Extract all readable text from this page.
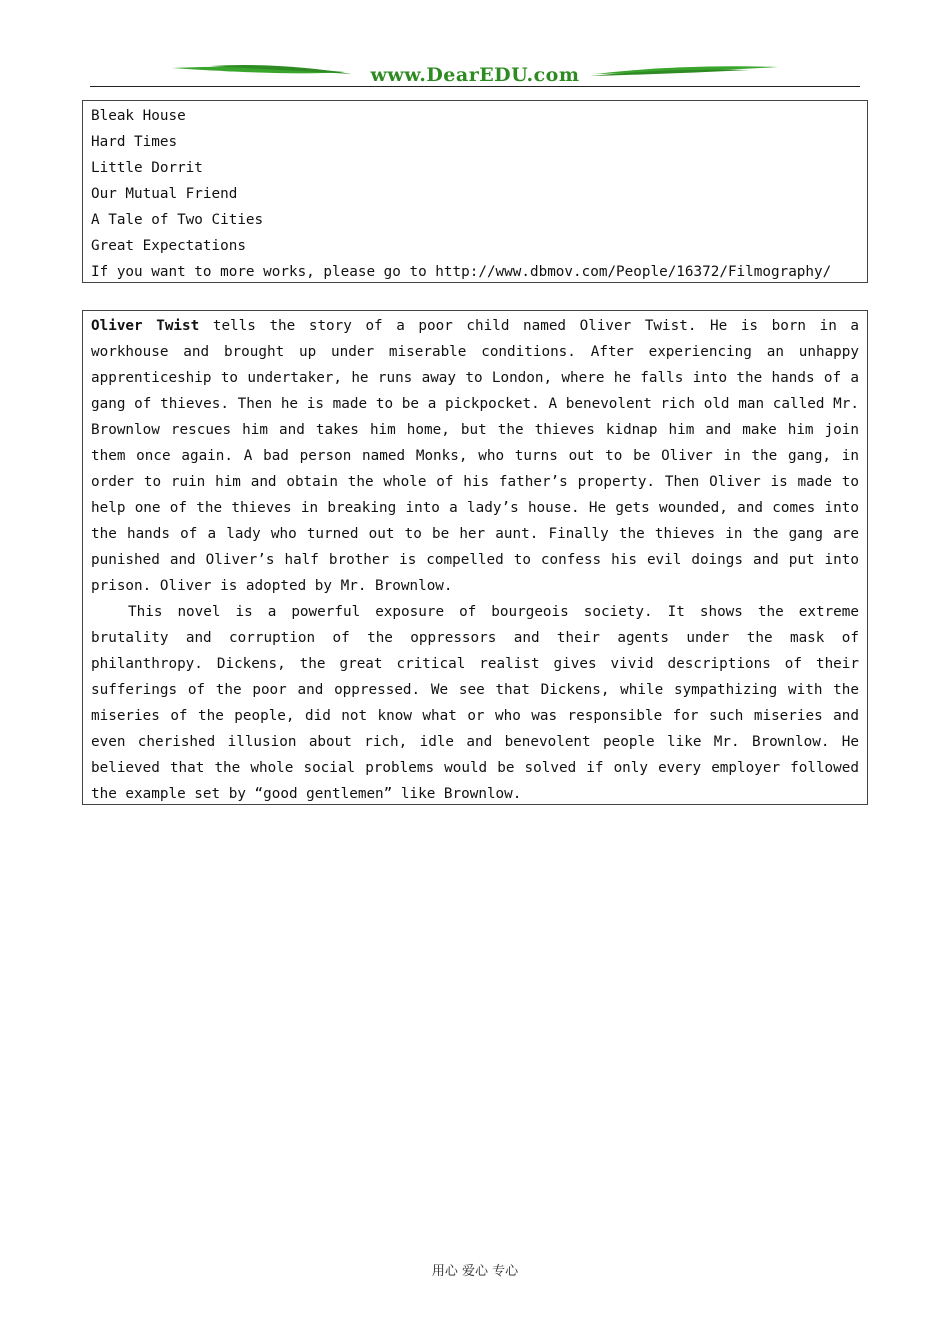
www.DearEDU.com
Bleak House
Hard Times
Little Dorrit
Our Mutual Friend
A Tale of Two Cities
Great Expectations
If you want to more works, please go to http://www.dbmov.com/People/16372/Filmography/

Oliver Twist tells the story of a poor child named Oliver Twist. He is born in a workhouse and brought up under miserable conditions. After experiencing an unhappy apprenticeship to undertaker, he runs away to London, where he falls into the hands of a gang of thieves. Then he is made to be a pickpocket. A benevolent rich old man called Mr. Brownlow rescues him and takes him home, but the thieves kidnap him and make him join them once again. A bad person named Monks, who turns out to be Oliver in the gang, in order to ruin him and obtain the whole of his father’s property. Then Oliver is made to help one of the thieves in breaking into a lady’s house. He gets wounded, and comes into the hands of a lady who turned out to be her aunt. Finally the thieves in the gang are punished and Oliver’s half brother is compelled to confess his evil doings and put into prison. Oliver is adopted by Mr. Brownlow.

This novel is a powerful exposure of bourgeois society. It shows the extreme brutality and corruption of the oppressors and their agents under the mask of philanthropy. Dickens, the great critical realist gives vivid descriptions of their sufferings of the poor and oppressed. We see that Dickens, while sympathizing with the miseries of the people, did not know what or who was responsible for such miseries and even cherished illusion about rich, idle and benevolent people like Mr. Brownlow. He believed that the whole social problems would be solved if only every employer followed the example set by “good gentlemen” like Brownlow.

用心 爱心 专心
